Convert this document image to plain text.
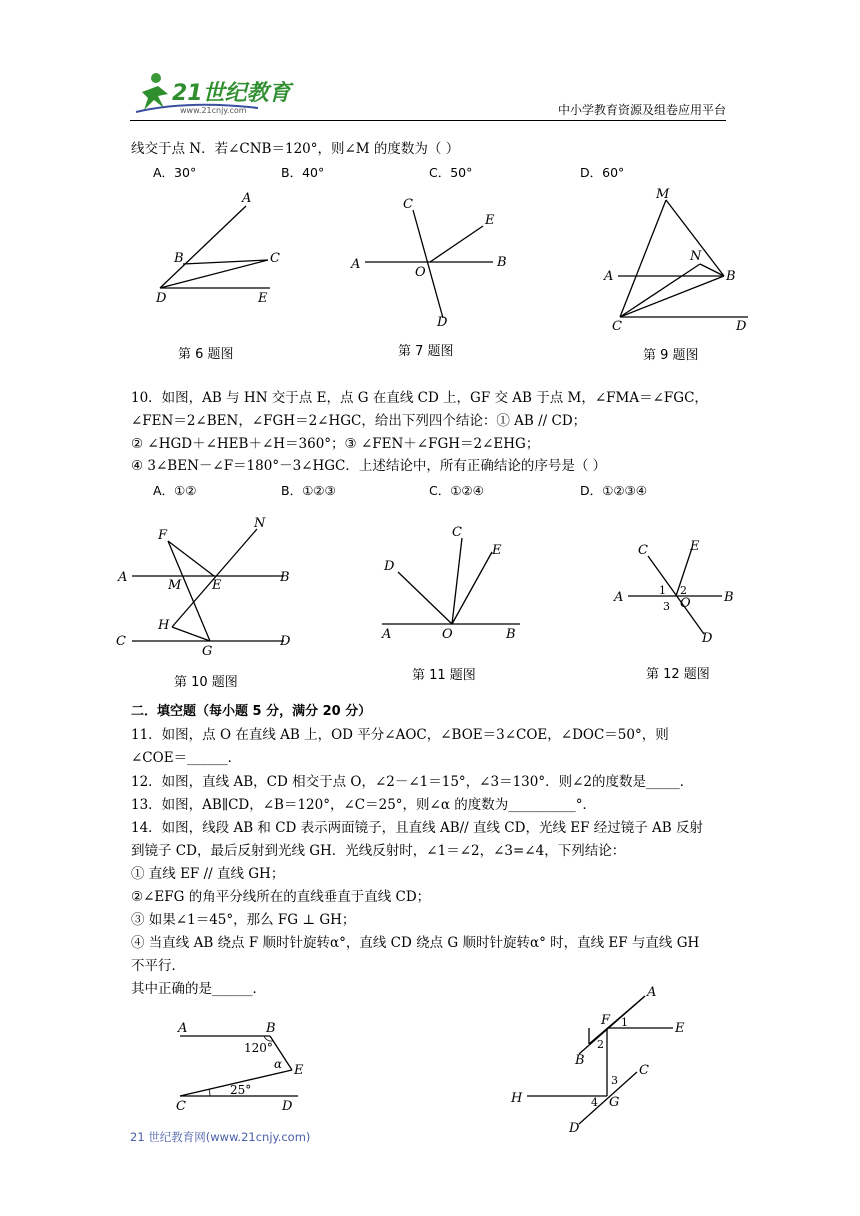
21世纪教育
www.21cnjy.com	中小学教育资源及组卷应用平台
线交于点 N．若∠CNB＝120°，则∠M 的度数为（ ）
A．30°	B．40°	C．50°	D．60°
A
B	C
D	E
第 6 题图
C
E
A	B
O
D
第 7 题图
M
N
A	B
C	D
第 9 题图
10．如图，AB 与 HN 交于点 E，点 G 在直线 CD 上，GF 交 AB 于点 M，∠FMA＝∠FGC，
∠FEN＝2∠BEN，∠FGH＝2∠HGC，给出下列四个结论：① AB // CD；
② ∠HGD＋∠HEB＋∠H＝360°；③ ∠FEN＋∠FGH＝2∠EHG；
④ 3∠BEN－∠F＝180°－3∠HGC．上述结论中，所有正确结论的序号是（ ）
A．①②	B．①②③	C．①②④	D．①②③④
F
N
A
M E
B
H
C
G
D
第 10 题图
C
E
D
A	O	B
第 11 题图
C	E
A	B
O
D
1 2
3
第 12 题图
二．填空题（每小题 5 分，满分 20 分）
11．如图，点 O 在直线 AB 上，OD 平分∠AOC，∠BOE＝3∠COE，∠DOC＝50°，则
∠COE＝______．
12．如图，直线 AB，CD 相交于点 O，∠2－∠1＝15°，∠3＝130°．则∠2的度数是_____．
13．如图，AB∥CD，∠B＝120°，∠C＝25°，则∠α 的度数为__________°．
14．如图，线段 AB 和 CD 表示两面镜子，且直线 AB// 直线 CD，光线 EF 经过镜子 AB 反射
到镜子 CD，最后反射到光线 GH．光线反射时，∠1＝∠2，∠3=∠4，下列结论：
① 直线 EF // 直线 GH；
②∠EFG 的角平分线所在的直线垂直于直线 CD；
③ 如果∠1＝45°，那么 FG ⊥ GH；
④ 当直线 AB 绕点 F 顺时针旋转α°，直线 CD 绕点 G 顺时针旋转α° 时，直线 EF 与直线 GH
不平行．
其中正确的是______．
A	B
E
C	D
120°
α
25°
F
A
E
B
C
G
H
D
1
2
3
4
21 世纪教育网(www.21cnjy.com)
